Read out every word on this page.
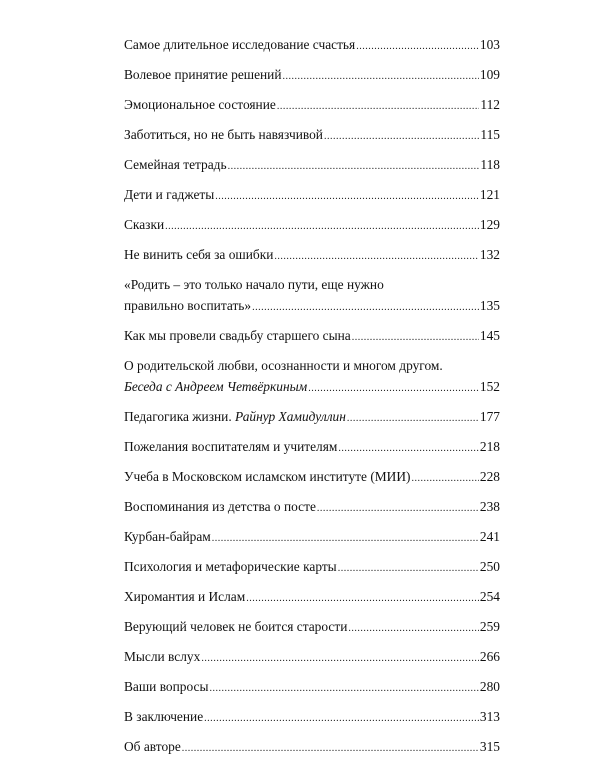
Самое длительное исследование счастья .....	103
Волевое принятие решений .....	109
Эмоциональное состояние .....	112
Заботиться, но не быть навязчивой .....	115
Семейная тетрадь .....	118
Дети и гаджеты .....	121
Сказки .....	129
Не винить себя за ошибки .....	132
«Родить – это только начало пути, еще нужно
правильно воспитать» .....	135
Как мы провели свадьбу старшего сына .....	145
О родительской любви, осознанности и многом другом.
Беседа с Андреем Четвёркиным .....	152
Педагогика жизни. Райнур Хамидуллин .....	177
Пожелания воспитателям и учителям .....	218
Учеба в Московском исламском институте (МИИ) .....	228
Воспоминания из детства о посте .....	238
Курбан-байрам .....	241
Психология и метафорические карты .....	250
Хиромантия и Ислам .....	254
Верующий человек не боится старости .....	259
Мысли вслух .....	266
Ваши вопросы .....	280
В заключение .....	313
Об авторе .....	315
